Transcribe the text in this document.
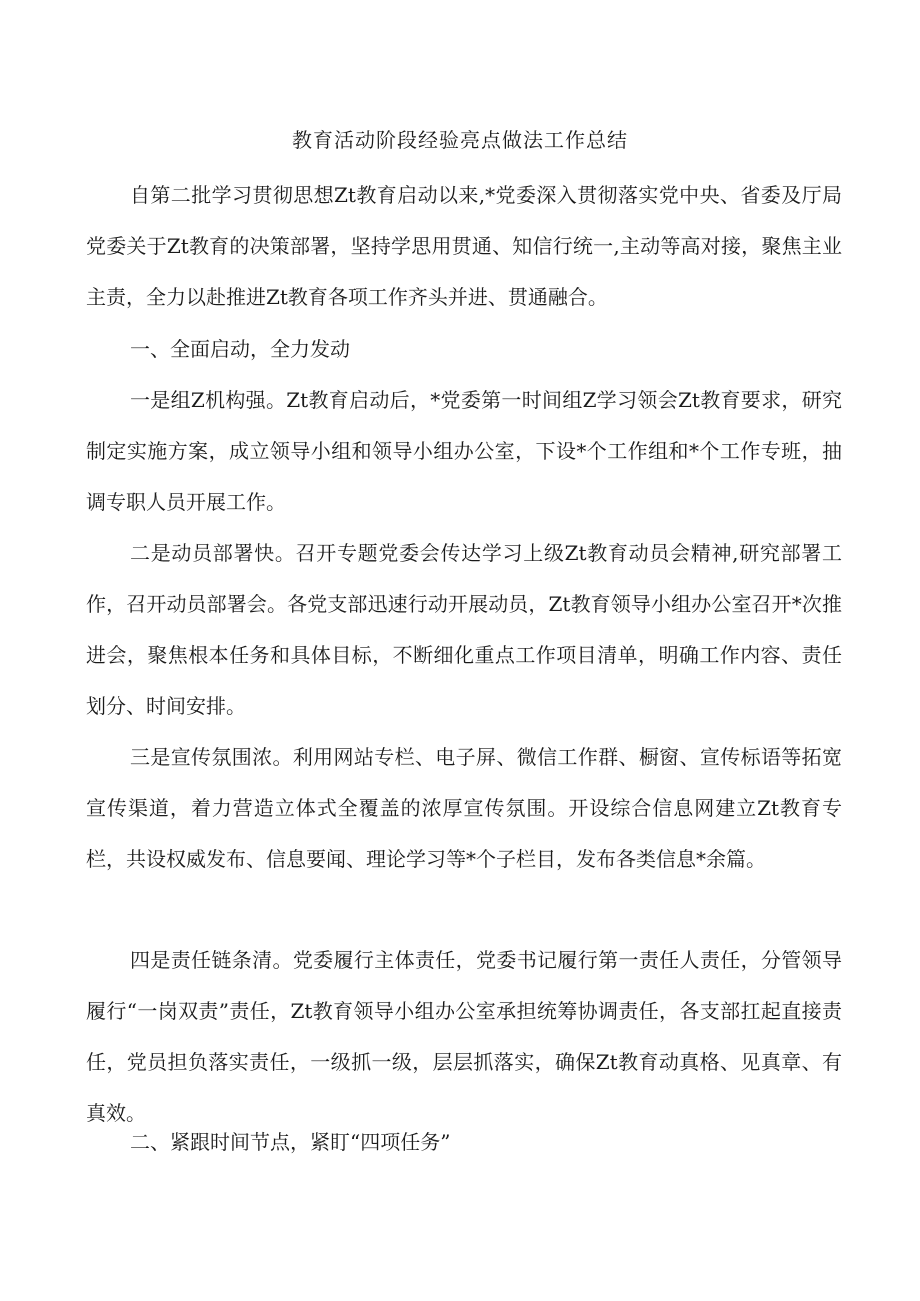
教育活动阶段经验亮点做法工作总结

自第二批学习贯彻思想Zt教育启动以来,*党委深入贯彻落实党中央、省委及厅局党委关于Zt教育的决策部署，坚持学思用贯通、知信行统一,主动等高对接，聚焦主业主责，全力以赴推进Zt教育各项工作齐头并进、贯通融合。

一、全面启动，全力发动

一是组Z机构强。Zt教育启动后，*党委第一时间组Z学习领会Zt教育要求，研究制定实施方案，成立领导小组和领导小组办公室，下设*个工作组和*个工作专班，抽调专职人员开展工作。

二是动员部署快。召开专题党委会传达学习上级Zt教育动员会精神,研究部署工作，召开动员部署会。各党支部迅速行动开展动员，Zt教育领导小组办公室召开*次推进会，聚焦根本任务和具体目标，不断细化重点工作项目清单，明确工作内容、责任划分、时间安排。

三是宣传氛围浓。利用网站专栏、电子屏、微信工作群、橱窗、宣传标语等拓宽宣传渠道，着力营造立体式全覆盖的浓厚宣传氛围。开设综合信息网建立Zt教育专栏，共设权威发布、信息要闻、理论学习等*个子栏目，发布各类信息*余篇。

四是责任链条清。党委履行主体责任，党委书记履行第一责任人责任，分管领导履行“一岗双责”责任，Zt教育领导小组办公室承担统筹协调责任，各支部扛起直接责任，党员担负落实责任，一级抓一级，层层抓落实，确保Zt教育动真格、见真章、有真效。

二、紧跟时间节点，紧盯“四项任务”
